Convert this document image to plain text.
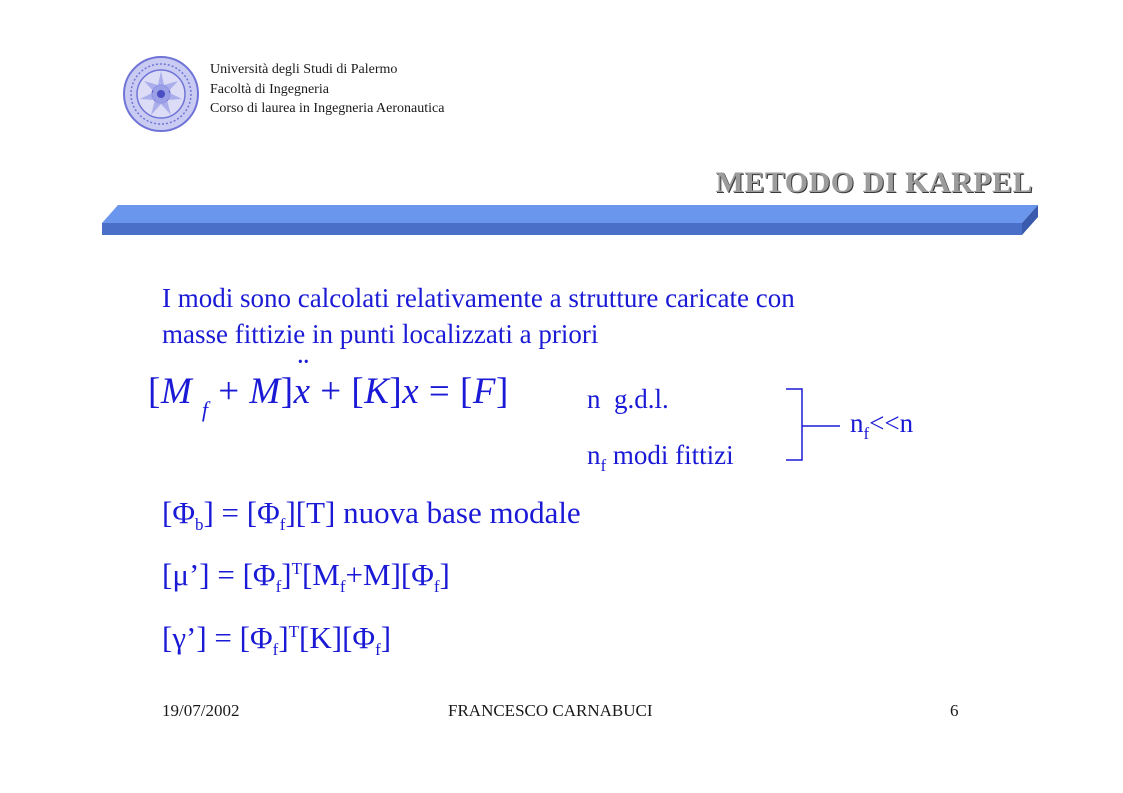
Università degli Studi di Palermo
Facoltà di Ingegneria
Corso di laurea in Ingegneria Aeronautica
METODO DI KARPEL
I modi sono calcolati relativamente a strutture caricate con
masse fittizie in punti localizzati a priori
[M $_f$ + M]¨ x + [K]x = [F]	n g.d.l.
$n_f$ modi fittizi
$n_f<<n$
$[\Phi_b] = [\Phi_f][T]$ nuova base modale
[μ’] = $[\Phi_f]^T[M_f+M][\Phi_f]$
[γ’] = $[\Phi_f]^T[K][\Phi_f]$
19/07/2002	FRANCESCO CARNABUCI	6
